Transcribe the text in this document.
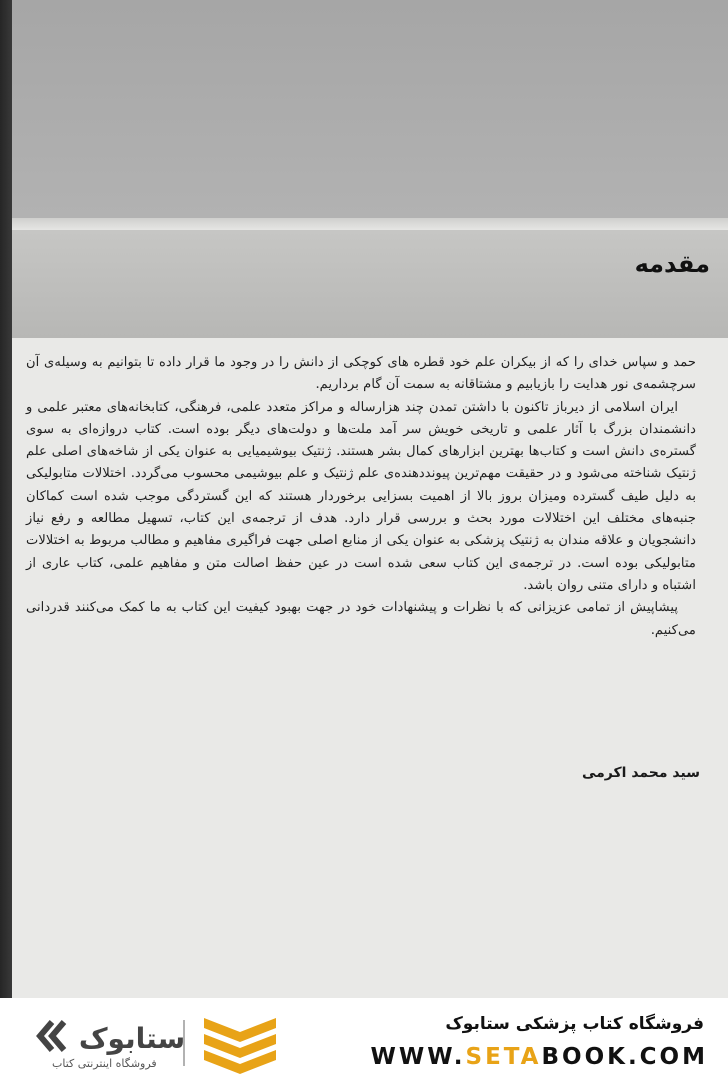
مقدمه

حمد و سپاس خدای را که از بیکران علم خود قطره های کوچکی از دانش را در وجود ما قرار داده تا بتوانیم به وسیله‌ی آن سرچشمه‌ی نور هدایت را بازیابیم و مشتاقانه به سمت آن گام برداریم.

ایران اسلامی از دیرباز تاکنون با داشتن تمدن چند هزارساله و مراکز متعدد علمی، فرهنگی، کتابخانه‌های معتبر علمی و دانشمندان بزرگ با آثار علمی و تاریخی خویش سر آمد ملت‌ها و دولت‌های دیگر بوده است. کتاب دروازه‌ای به سوی گستره‌ی دانش است و کتاب‌ها بهترین ابزارهای کمال بشر هستند. ژنتیک بیوشیمیایی به عنوان یکی از شاخه‌های اصلی علم ژنتیک شناخته می‌شود و در حقیقت مهم‌ترین پیونددهنده‌ی علم ژنتیک و علم بیوشیمی محسوب می‌گردد. اختلالات متابولیکی به دلیل طیف گسترده ومیزان بروز بالا از اهمیت بسزایی برخوردار هستند که این گستردگی موجب شده است کماکان جنبه‌های مختلف این اختلالات مورد بحث و بررسی قرار دارد. هدف از ترجمه‌ی این کتاب، تسهیل مطالعه و رفع نیاز دانشجویان و علاقه مندان به ژنتیک پزشکی به عنوان یکی از منابع اصلی جهت فراگیری مفاهیم و مطالب مربوط به اختلالات متابولیکی بوده است. در ترجمه‌ی این کتاب سعی شده است در عین حفظ اصالت متن و مفاهیم علمی، کتاب عاری از اشتباه و دارای متنی روان باشد.

پیشاپیش از تمامی عزیزانی که با نظرات و پیشنهادات خود در جهت بهبود کیفیت این کتاب به ما کمک می‌کنند قدردانی می‌کنیم.

سید محمد اکرمی
ستابوک
فروشگاه اینترنتی کتاب
فروشگاه کتاب پزشکی ستابوک
WWW.SETABOOK.COM
